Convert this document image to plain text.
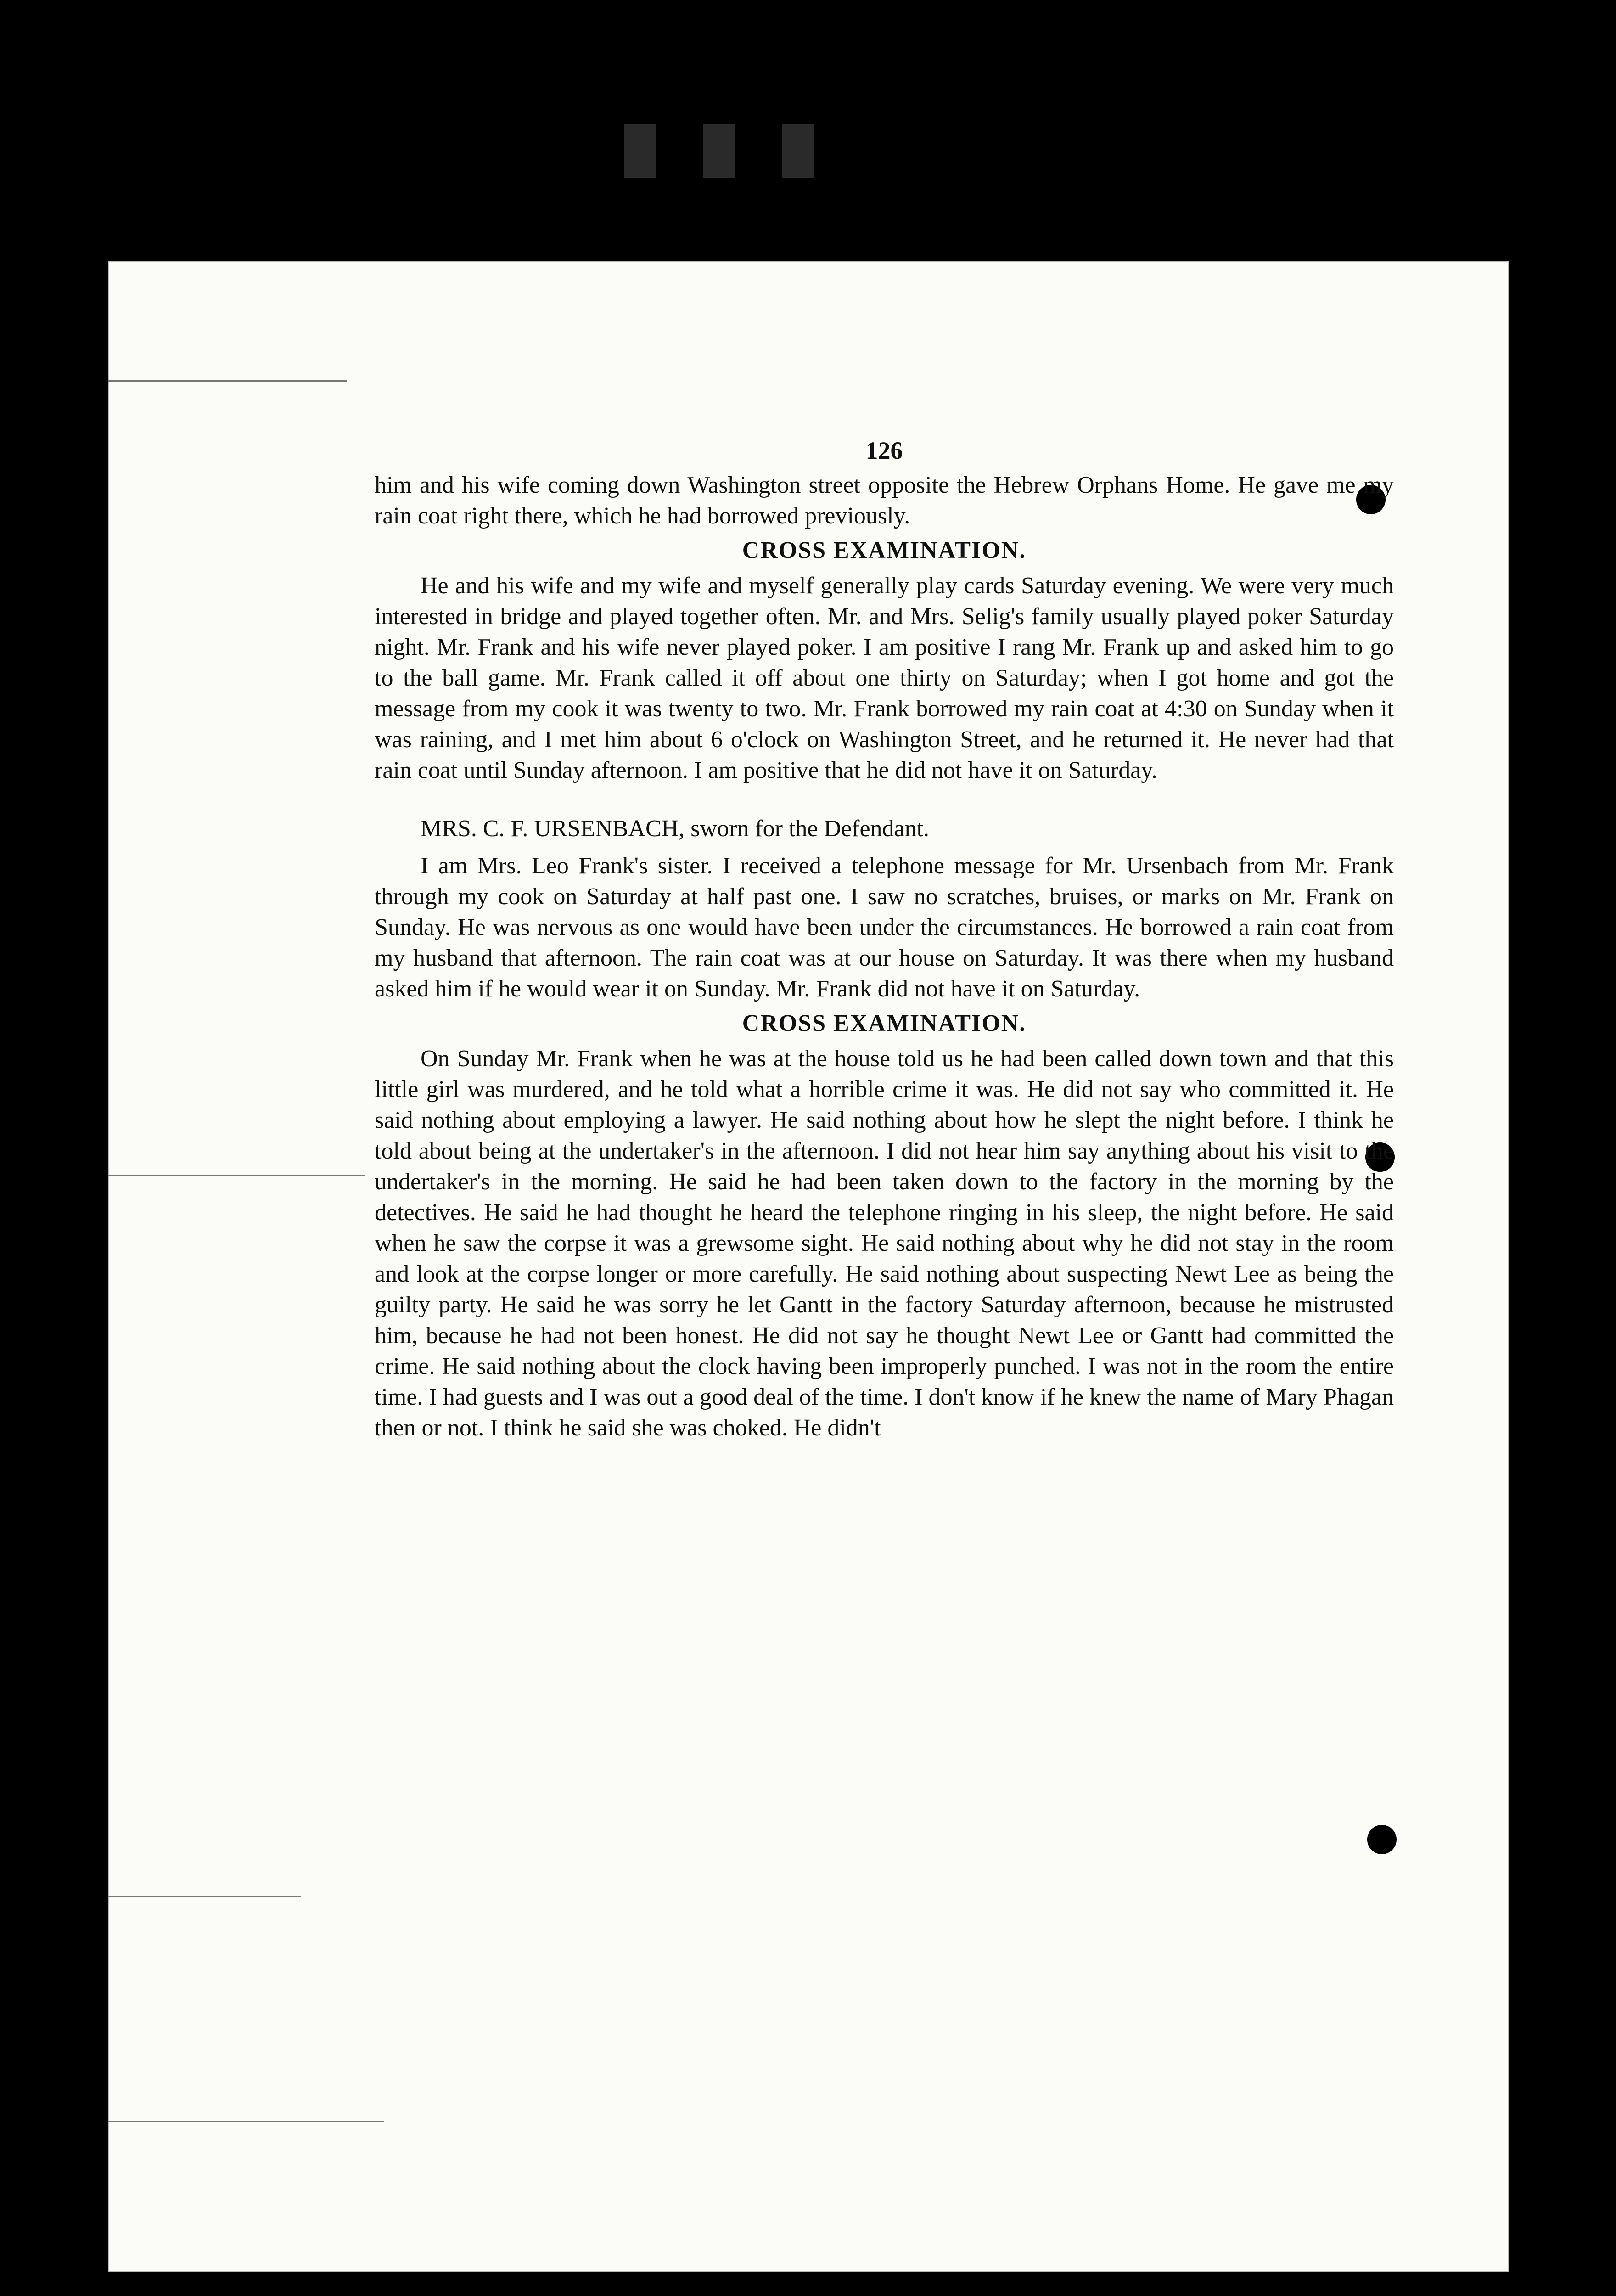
█ █ █
126

him and his wife coming down Washington street opposite the Hebrew Orphans Home. He gave me my rain coat right there, which he had borrowed previously.

CROSS EXAMINATION.

He and his wife and my wife and myself generally play cards Saturday evening. We were very much interested in bridge and played together often. Mr. and Mrs. Selig's family usually played poker Saturday night. Mr. Frank and his wife never played poker. I am positive I rang Mr. Frank up and asked him to go to the ball game. Mr. Frank called it off about one thirty on Saturday; when I got home and got the message from my cook it was twenty to two. Mr. Frank borrowed my rain coat at 4:30 on Sunday when it was raining, and I met him about 6 o'clock on Washington Street, and he returned it. He never had that rain coat until Sunday afternoon. I am positive that he did not have it on Saturday.

MRS. C. F. URSENBACH, sworn for the Defendant.

I am Mrs. Leo Frank's sister. I received a telephone message for Mr. Ursenbach from Mr. Frank through my cook on Saturday at half past one. I saw no scratches, bruises, or marks on Mr. Frank on Sunday. He was nervous as one would have been under the circumstances. He borrowed a rain coat from my husband that afternoon. The rain coat was at our house on Saturday. It was there when my husband asked him if he would wear it on Sunday. Mr. Frank did not have it on Saturday.

CROSS EXAMINATION.

On Sunday Mr. Frank when he was at the house told us he had been called down town and that this little girl was murdered, and he told what a horrible crime it was. He did not say who committed it. He said nothing about employing a lawyer. He said nothing about how he slept the night before. I think he told about being at the undertaker's in the afternoon. I did not hear him say anything about his visit to the undertaker's in the morning. He said he had been taken down to the factory in the morning by the detectives. He said he had thought he heard the telephone ringing in his sleep, the night before. He said when he saw the corpse it was a grewsome sight. He said nothing about why he did not stay in the room and look at the corpse longer or more carefully. He said nothing about suspecting Newt Lee as being the guilty party. He said he was sorry he let Gantt in the factory Saturday afternoon, because he mistrusted him, because he had not been honest. He did not say he thought Newt Lee or Gantt had committed the crime. He said nothing about the clock having been improperly punched. I was not in the room the entire time. I had guests and I was out a good deal of the time. I don't know if he knew the name of Mary Phagan then or not. I think he said she was choked. He didn't
